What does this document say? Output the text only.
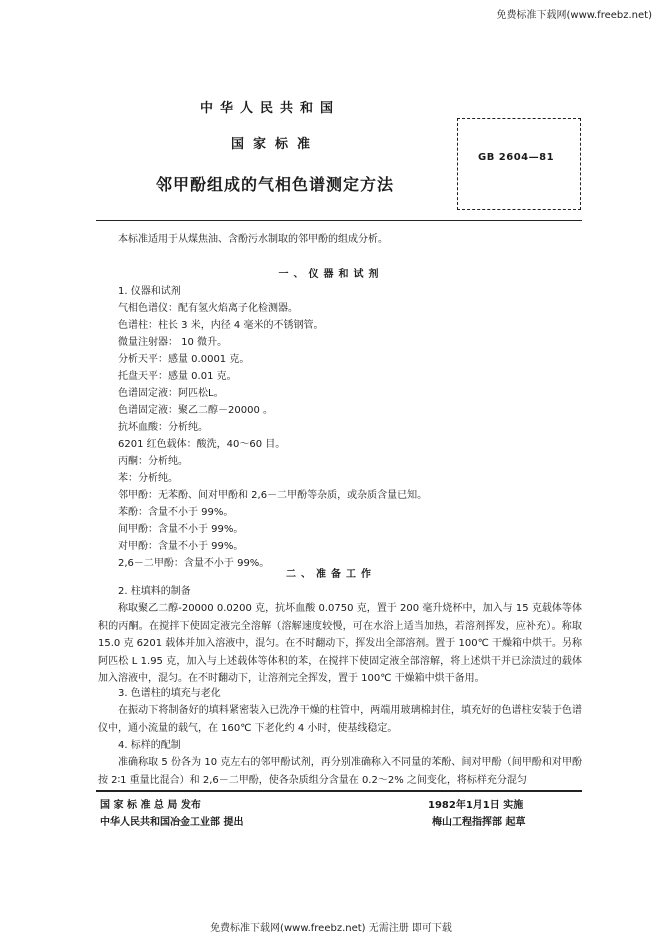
免费标准下载网(www.freebz.net)
中华人民共和国
国家标准
邻甲酚组成的气相色谱测定方法
GB 2604—81
本标准适用于从煤焦油、含酚污水制取的邻甲酚的组成分析。
一、仪器和试剂
1. 仪器和试剂
气相色谱仪：配有氢火焰离子化检测器。
色谱柱：柱长 3 米，内径 4 毫米的不锈钢管。
微量注射器： 10 微升。
分析天平：感量 0.0001 克。
托盘天平：感量 0.01 克。
色谱固定液：阿匹松L。
色谱固定液：聚乙二醇－20000 。
抗坏血酸：分析纯。
6201 红色载体：酸洗，40～60 目。
丙酮：分析纯。
苯：分析纯。
邻甲酚：无苯酚、间对甲酚和 2,6－二甲酚等杂质，或杂质含量已知。
苯酚：含量不小于 99%。
间甲酚：含量不小于 99%。
对甲酚：含量不小于 99%。
2,6－二甲酚：含量不小于 99%。
二、准备工作
2. 柱填料的制备
称取聚乙二醇-20000 0.0200 克，抗坏血酸 0.0750 克，置于 200 毫升烧杯中，加入与 15 克载体等体积的丙酮。在搅拌下使固定液完全溶解（溶解速度较慢，可在水浴上适当加热，若溶剂挥发，应补充）。称取 15.0 克 6201 载体并加入溶液中，混匀。在不时翻动下，挥发出全部溶剂。置于 100℃ 干燥箱中烘干。另称阿匹松 L 1.95 克，加入与上述载体等体积的苯，在搅拌下使固定液全部溶解，将上述烘干并已涂渍过的载体加入溶液中，混匀。在不时翻动下，让溶剂完全挥发，置于 100℃ 干燥箱中烘干备用。
3. 色谱柱的填充与老化
在振动下将制备好的填料紧密装入已洗净干燥的柱管中，两端用玻璃棉封住，填充好的色谱柱安装于色谱仪中，通小流量的载气，在 160℃ 下老化约 4 小时，使基线稳定。
4. 标样的配制
准确称取 5 份各为 10 克左右的邻甲酚试剂，再分别准确称入不同量的苯酚、间对甲酚（间甲酚和对甲酚按 2∶1 重量比混合）和 2,6－二甲酚，使各杂质组分含量在 0.2～2% 之间变化，将标样充分混匀
国 家 标 准 总 局 发布	1982年1月1日 实施
中华人民共和国冶金工业部 提出	梅山工程指挥部 起草
免费标准下载网(www.freebz.net) 无需注册 即可下载
